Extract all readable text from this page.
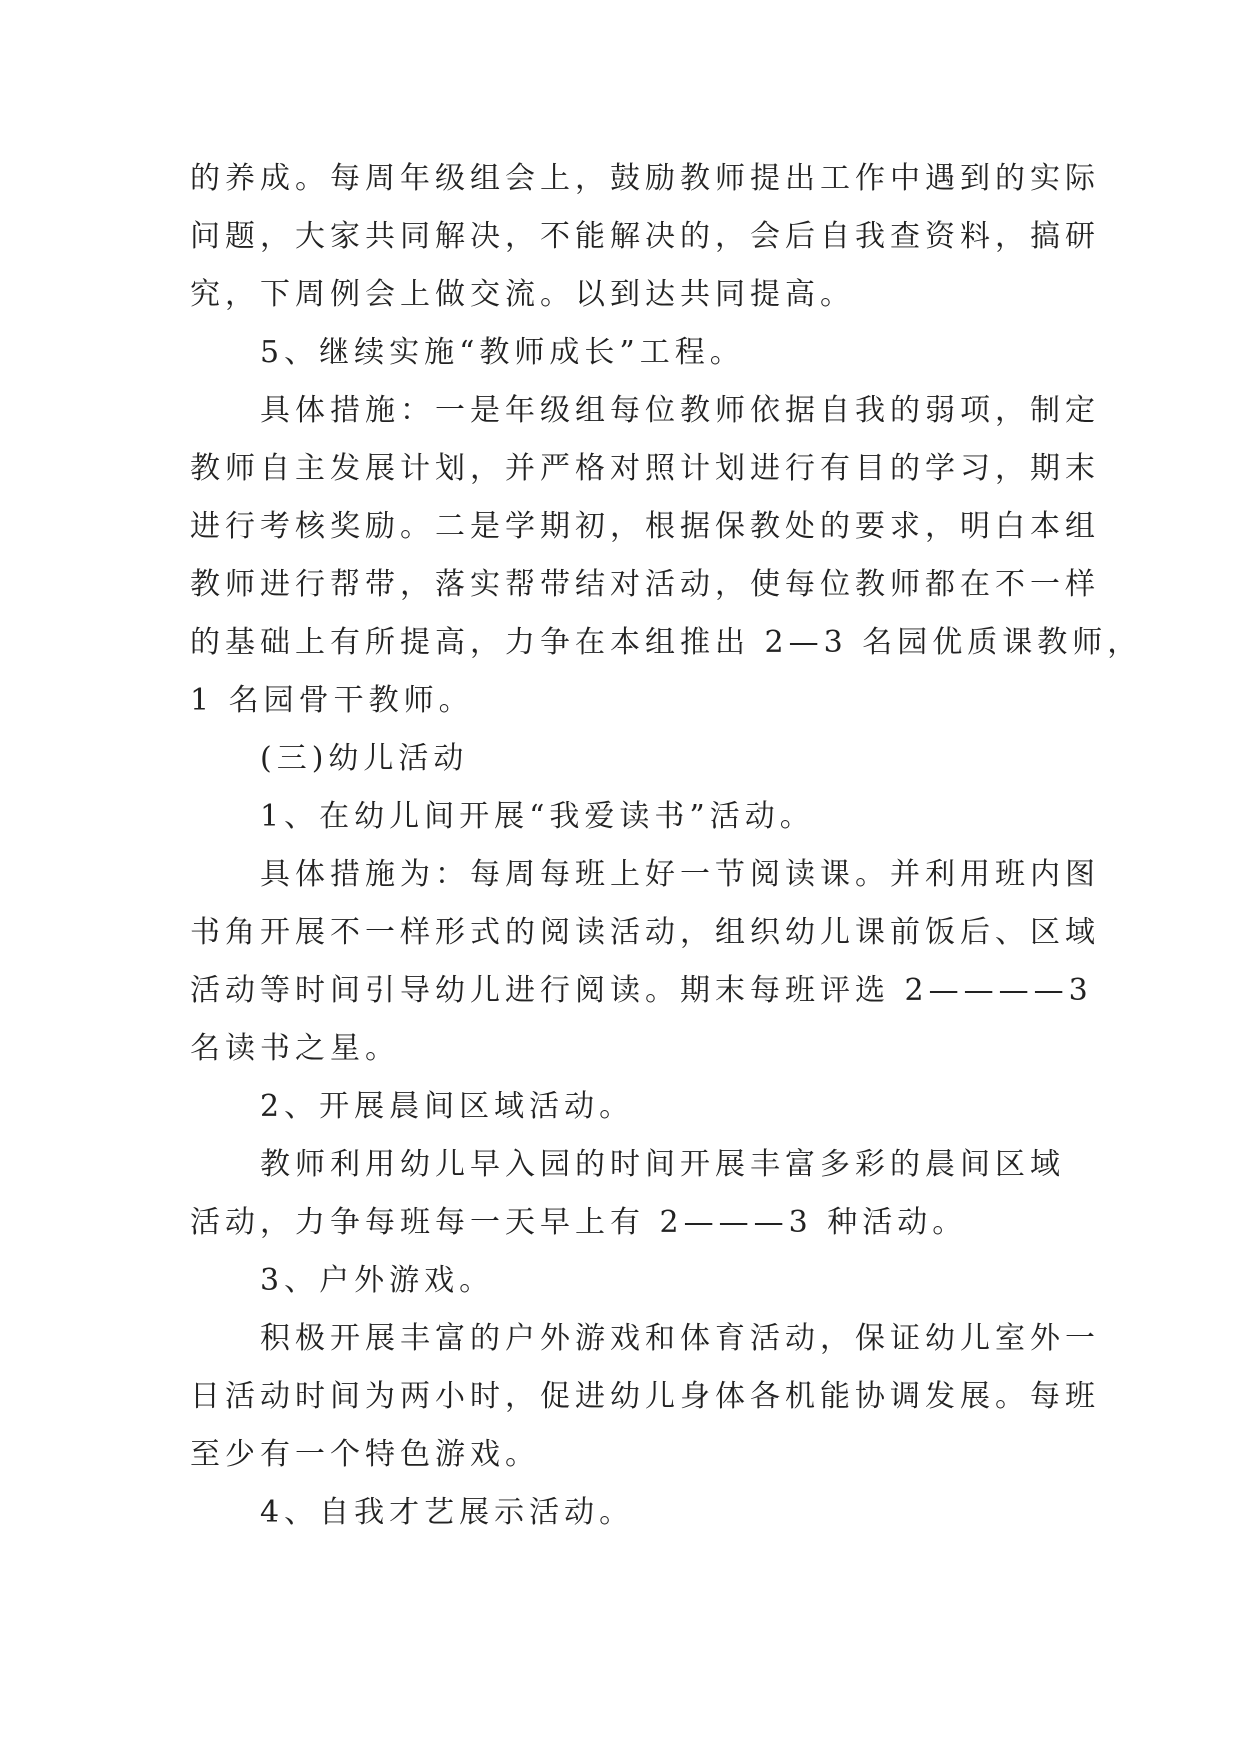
的养成。每周年级组会上，鼓励教师提出工作中遇到的实际
问题，大家共同解决，不能解决的，会后自我查资料，搞研
究，下周例会上做交流。以到达共同提高。
5、继续实施“教师成长”工程。
具体措施：一是年级组每位教师依据自我的弱项，制定
教师自主发展计划，并严格对照计划进行有目的学习，期末
进行考核奖励。二是学期初，根据保教处的要求，明白本组
教师进行帮带，落实帮带结对活动，使每位教师都在不一样
的基础上有所提高，力争在本组推出 2—3 名园优质课教师，
1 名园骨干教师。
(三)幼儿活动
1、在幼儿间开展“我爱读书”活动。
具体措施为：每周每班上好一节阅读课。并利用班内图
书角开展不一样形式的阅读活动，组织幼儿课前饭后、区域
活动等时间引导幼儿进行阅读。期末每班评选 2————3
名读书之星。
2、开展晨间区域活动。
教师利用幼儿早入园的时间开展丰富多彩的晨间区域
活动，力争每班每一天早上有 2———3 种活动。
3、户外游戏。
积极开展丰富的户外游戏和体育活动，保证幼儿室外一
日活动时间为两小时，促进幼儿身体各机能协调发展。每班
至少有一个特色游戏。
4、自我才艺展示活动。
